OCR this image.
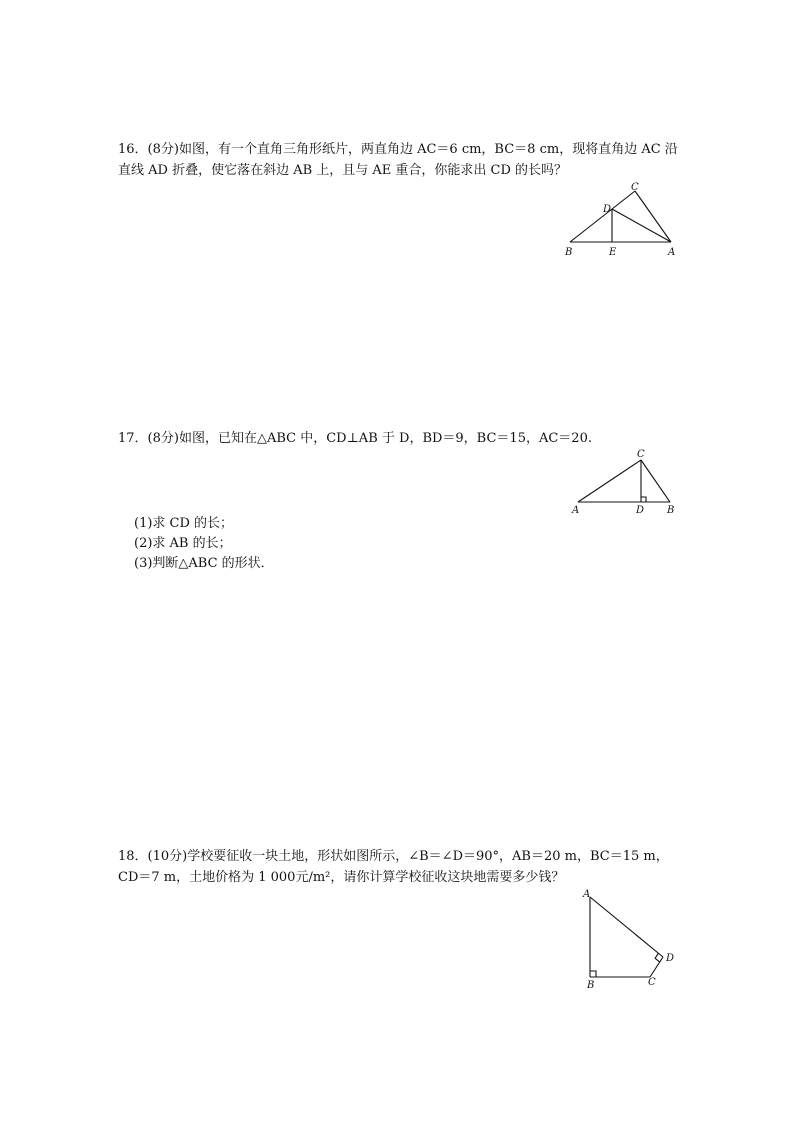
16．(8分)如图，有一个直角三角形纸片，两直角边 AC＝6 cm，BC＝8 cm，现将直角边 AC 沿
直线 AD 折叠，使它落在斜边 AB 上，且与 AE 重合，你能求出 CD 的长吗？
C
D
B	E	A
17．(8分)如图，已知在△ABC 中，CD⊥AB 于 D，BD＝9，BC＝15，AC＝20.
C
A	D B
(1)求 CD 的长；
(2)求 AB 的长；
(3)判断△ABC 的形状．
18．(10分)学校要征收一块土地，形状如图所示，∠B＝∠D＝90°，AB＝20 m，BC＝15 m，
CD＝7 m，土地价格为 1 000元/m²，请你计算学校征收这块地需要多少钱？
A
D
B	C
